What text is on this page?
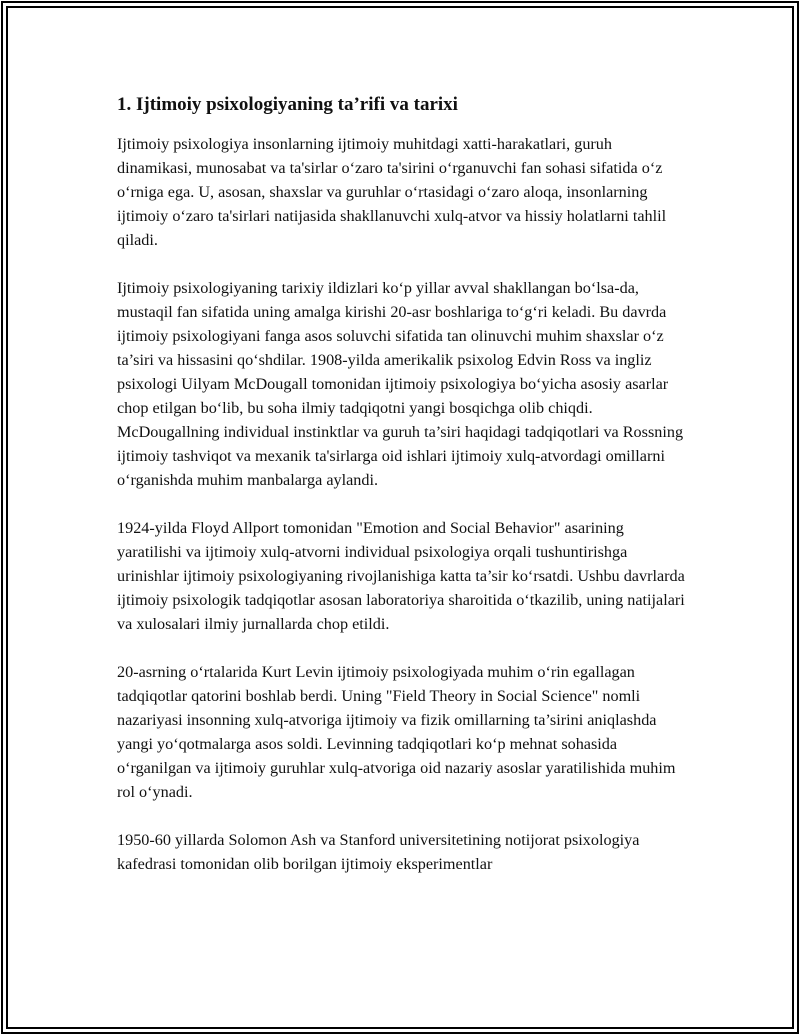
1. Ijtimoiy psixologiyaning ta’rifi va tarixi

Ijtimoiy psixologiya insonlarning ijtimoiy muhitdagi xatti-harakatlari, guruh dinamikasi, munosabat va ta'sirlar o‘zaro ta'sirini o‘rganuvchi fan sohasi sifatida o‘z o‘rniga ega. U, asosan, shaxslar va guruhlar o‘rtasidagi o‘zaro aloqa, insonlarning ijtimoiy o‘zaro ta'sirlari natijasida shakllanuvchi xulq-atvor va hissiy holatlarni tahlil qiladi.

Ijtimoiy psixologiyaning tarixiy ildizlari ko‘p yillar avval shakllangan bo‘lsa-da, mustaqil fan sifatida uning amalga kirishi 20-asr boshlariga to‘g‘ri keladi. Bu davrda ijtimoiy psixologiyani fanga asos soluvchi sifatida tan olinuvchi muhim shaxslar o‘z ta’siri va hissasini qo‘shdilar. 1908-yilda amerikalik psixolog Edvin Ross va ingliz psixologi Uilyam McDougall tomonidan ijtimoiy psixologiya bo‘yicha asosiy asarlar chop etilgan bo‘lib, bu soha ilmiy tadqiqotni yangi bosqichga olib chiqdi. McDougallning individual instinktlar va guruh ta’siri haqidagi tadqiqotlari va Rossning ijtimoiy tashviqot va mexanik ta'sirlarga oid ishlari ijtimoiy xulq-atvordagi omillarni o‘rganishda muhim manbalarga aylandi.

1924-yilda Floyd Allport tomonidan "Emotion and Social Behavior" asarining yaratilishi va ijtimoiy xulq-atvorni individual psixologiya orqali tushuntirishga urinishlar ijtimoiy psixologiyaning rivojlanishiga katta ta’sir ko‘rsatdi. Ushbu davrlarda ijtimoiy psixologik tadqiqotlar asosan laboratoriya sharoitida o‘tkazilib, uning natijalari va xulosalari ilmiy jurnallarda chop etildi.

20-asrning o‘rtalarida Kurt Levin ijtimoiy psixologiyada muhim o‘rin egallagan tadqiqotlar qatorini boshlab berdi. Uning "Field Theory in Social Science" nomli nazariyasi insonning xulq-atvoriga ijtimoiy va fizik omillarning ta’sirini aniqlashda yangi yo‘qotmalarga asos soldi. Levinning tadqiqotlari ko‘p mehnat sohasida o‘rganilgan va ijtimoiy guruhlar xulq-atvoriga oid nazariy asoslar yaratilishida muhim rol o‘ynadi.

1950-60 yillarda Solomon Ash va Stanford universitetining notijorat psixologiya kafedrasi tomonidan olib borilgan ijtimoiy eksperimentlar
